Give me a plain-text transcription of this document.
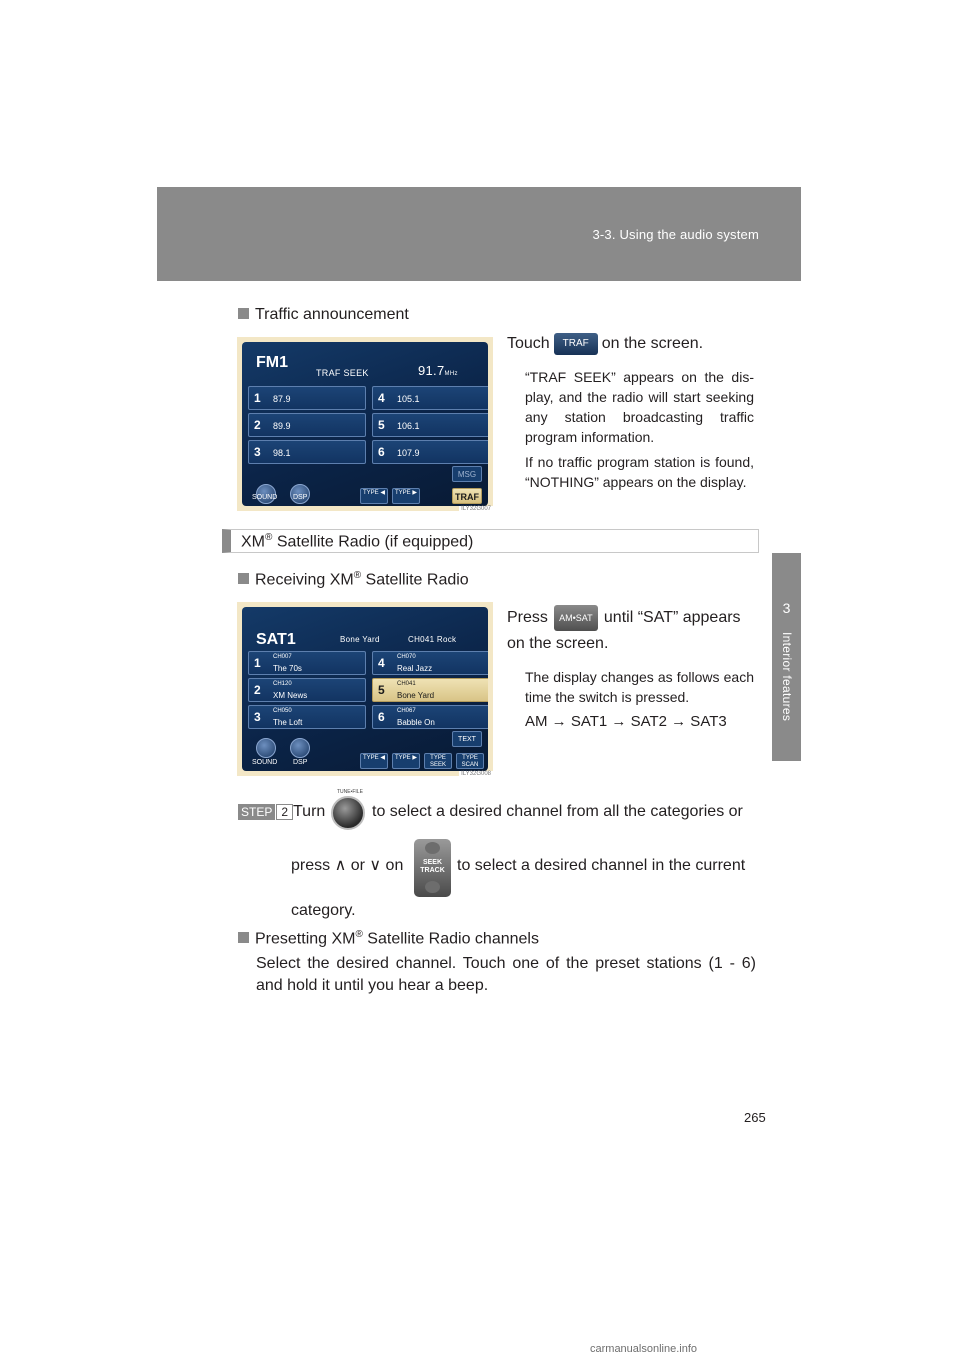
3-3. Using the audio system
3
Interior features
Traffic announcement
FM1
TRAF SEEK	91.7MHz
1 87.9
2 89.9
3 98.1
4 105.1
5 106.1
6 107.9
MSG
SOUND DSP
TYPE ◀	TYPE ▶	TRAF
ILY32G007
Touch TRAF on the screen.
“TRAF SEEK” appears on the dis-play, and the radio will start seeking any station broadcasting traffic program information.
If no traffic program station is found, “NOTHING” appears on the display.
XM® Satellite Radio (if equipped)
Receiving XM® Satellite Radio
SAT1	Bone Yard	CH041 Rock
1 CH007
The 70s
2 CH120
XM News
3 CH050
The Loft
4 CH070
Real Jazz
5 CH041
Bone Yard
6 CH067
Babble On
TEXT
SOUND DSP
TYPE ◀	TYPE ▶	TYPE SEEK
TYPE SCAN
ILY32G008
Press AM•SAT until “SAT” appears on the screen.
The display changes as follows each time the switch is pressed.
AM → SAT1 → SAT2 → SAT3
STEP 2 Turn
TUNE•FILE
to select a desired channel from all the categories or
press ∧ or ∨ on	SEEK TRACK to select a desired channel in the current
category.
Presetting XM® Satellite Radio channels
Select the desired channel. Touch one of the preset stations (1 - 6) and hold it until you hear a beep.
265
carmanualsonline.info
